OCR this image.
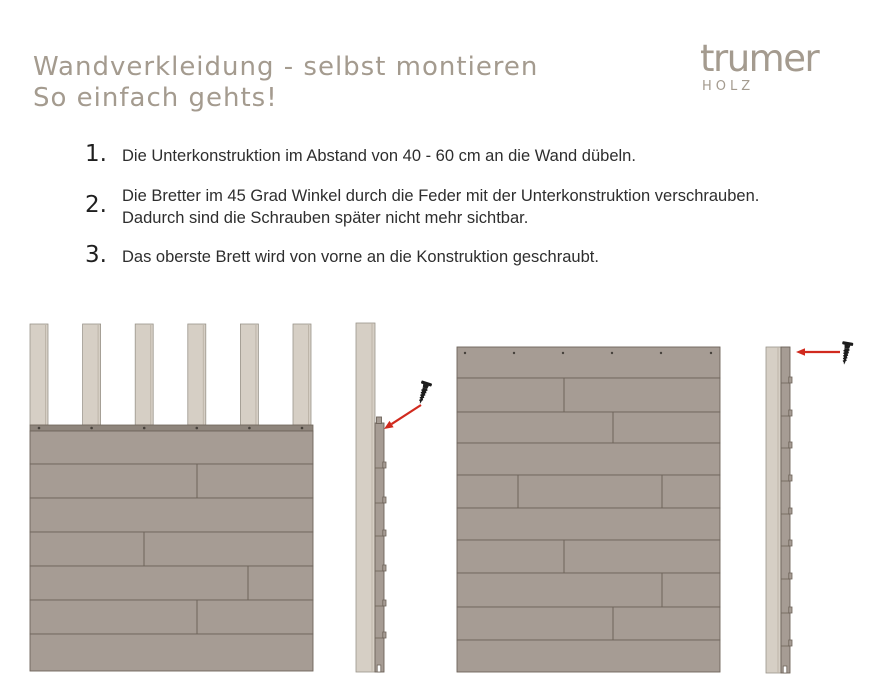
Wandverkleidung - selbst montieren
So einfach gehts!
trumer
HOLZ
1. Die Unterkonstruktion im Abstand von 40 - 60 cm an die Wand dübeln.
2. Die Bretter im 45 Grad Winkel durch die Feder mit der Unterkonstruktion verschrauben.
Dadurch sind die Schrauben später nicht mehr sichtbar.
3. Das oberste Brett wird von vorne an die Konstruktion geschraubt.
